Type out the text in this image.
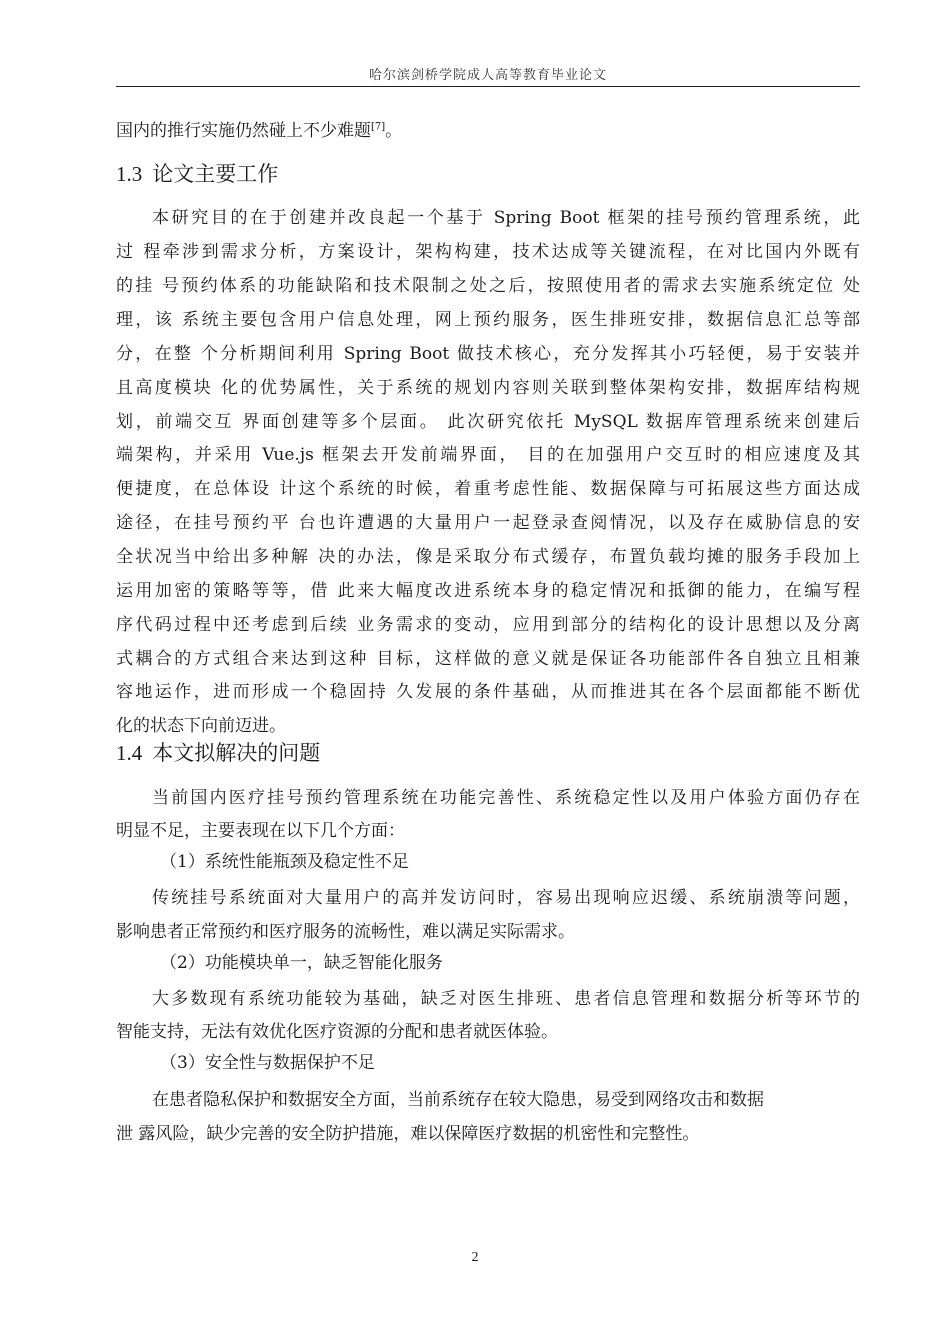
哈尔滨剑桥学院成人高等教育毕业论文
国内的推行实施仍然碰上不少难题[7]。
1.3 论文主要工作
本研究目的在于创建并改良起一个基于 Spring Boot 框架的挂号预约管理系统，此
过 程牵涉到需求分析，方案设计，架构构建，技术达成等关键流程，在对比国内外既有
的挂 号预约体系的功能缺陷和技术限制之处之后，按照使用者的需求去实施系统定位 处
理，该 系统主要包含用户信息处理，网上预约服务，医生排班安排，数据信息汇总等部
分，在整 个分析期间利用 Spring Boot 做技术核心，充分发挥其小巧轻便，易于安装并
且高度模块 化的优势属性，关于系统的规划内容则关联到整体架构安排，数据库结构规
划，前端交互 界面创建等多个层面。 此次研究依托 MySQL 数据库管理系统来创建后
端架构，并采用 Vue.js 框架去开发前端界面， 目的在加强用户交互时的相应速度及其
便捷度，在总体设 计这个系统的时候，着重考虑性能、数据保障与可拓展这些方面达成
途径，在挂号预约平 台也许遭遇的大量用户一起登录查阅情况，以及存在威胁信息的安
全状况当中给出多种解 决的办法，像是采取分布式缓存，布置负载均摊的服务手段加上
运用加密的策略等等，借 此来大幅度改进系统本身的稳定情况和抵御的能力，在编写程
序代码过程中还考虑到后续 业务需求的变动，应用到部分的结构化的设计思想以及分离
式耦合的方式组合来达到这种 目标，这样做的意义就是保证各功能部件各自独立且相兼
容地运作，进而形成一个稳固持 久发展的条件基础，从而推进其在各个层面都能不断优
化的状态下向前迈进。
1.4 本文拟解决的问题
当前国内医疗挂号预约管理系统在功能完善性、系统稳定性以及用户体验方面仍存在
明显不足，主要表现在以下几个方面：
（1）系统性能瓶颈及稳定性不足
传统挂号系统面对大量用户的高并发访问时，容易出现响应迟缓、系统崩溃等问题，
影响患者正常预约和医疗服务的流畅性，难以满足实际需求。
（2）功能模块单一，缺乏智能化服务
大多数现有系统功能较为基础，缺乏对医生排班、患者信息管理和数据分析等环节的
智能支持，无法有效优化医疗资源的分配和患者就医体验。
（3）安全性与数据保护不足
在患者隐私保护和数据安全方面，当前系统存在较大隐患，易受到网络攻击和数据
泄 露风险，缺少完善的安全防护措施，难以保障医疗数据的机密性和完整性。
2
